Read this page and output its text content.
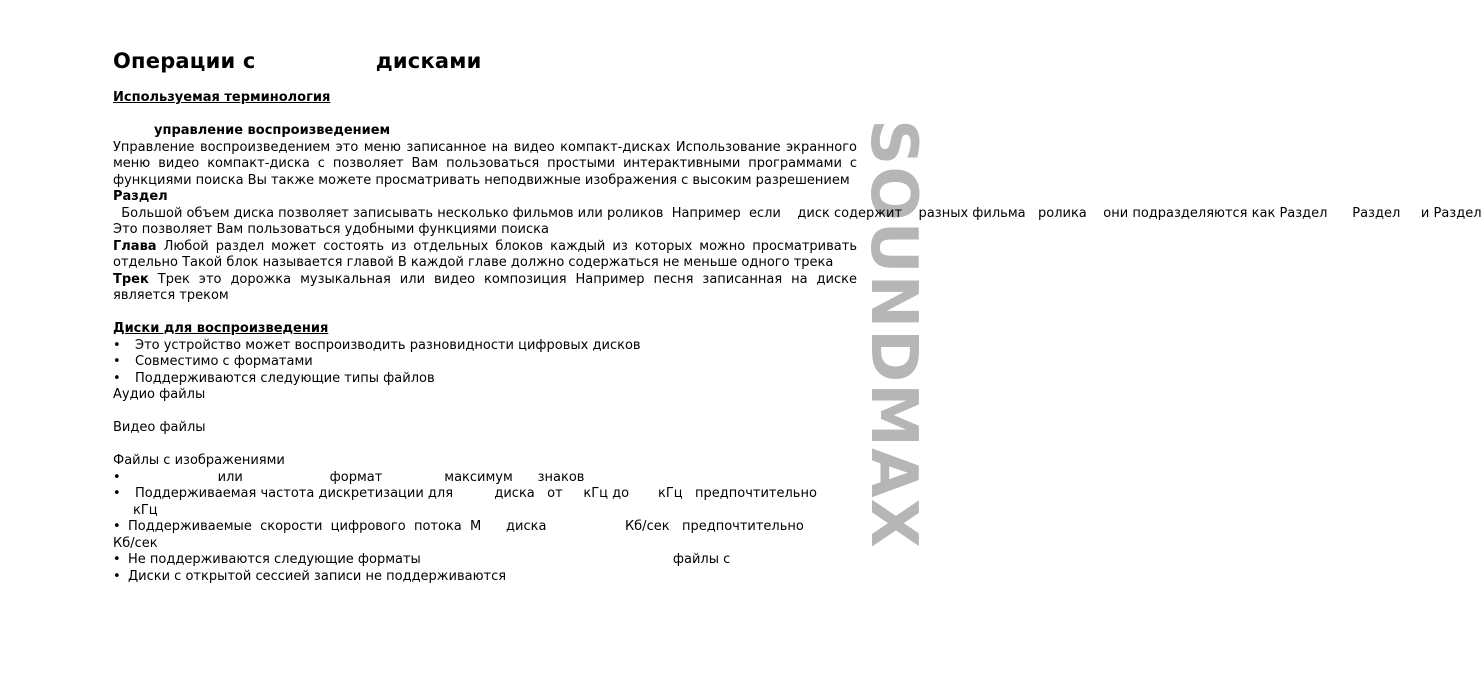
Операции с                дисками
SOUNDMAX

Используемая терминология

управление воспроизведением

Управление воспроизведением это меню записанное на видео компакт-дисках Использование экранного меню видео компакт-диска с позволяет Вам пользоваться простыми интерактивными программами с функциями поиска Вы также можете просматривать неподвижные изображения с высоким разрешением

Раздел  Большой объем диска позволяет записывать несколько фильмов или роликов  Например  если    диск содержит    разных фильма   ролика    они подразделяются как Раздел      Раздел     и Раздел

Это позволяет Вам пользоваться удобными функциями поиска

Глава Любой раздел может состоять из отдельных блоков каждый из которых можно просматривать отдельно Такой блок называется главой В каждой главе должно содержаться не меньше одного трека

Трек Трек это дорожка музыкальная или видео композиция Например песня записанная на диске является треком

Диски для воспроизведения

•	Это устройство может воспроизводить разновидности цифровых дисков
•	Совместимо с форматами
•	Поддерживаются следующие типы файлов
Аудио файлы
Видео файлы
Файлы с изображениями
•	или                     формат               максимум      знаков
•	Поддерживаемая частота дискретизации для          диска   от     кГц до       кГц   предпочтительно
кГц
• Поддерживаемые  скорости  цифрового  потока  М      диска                   Кб/сек   предпочтительно
Кб/сек
• Не поддерживаются следующие форматы                                                             файлы с
• Диски с открытой сессией записи не поддерживаются
